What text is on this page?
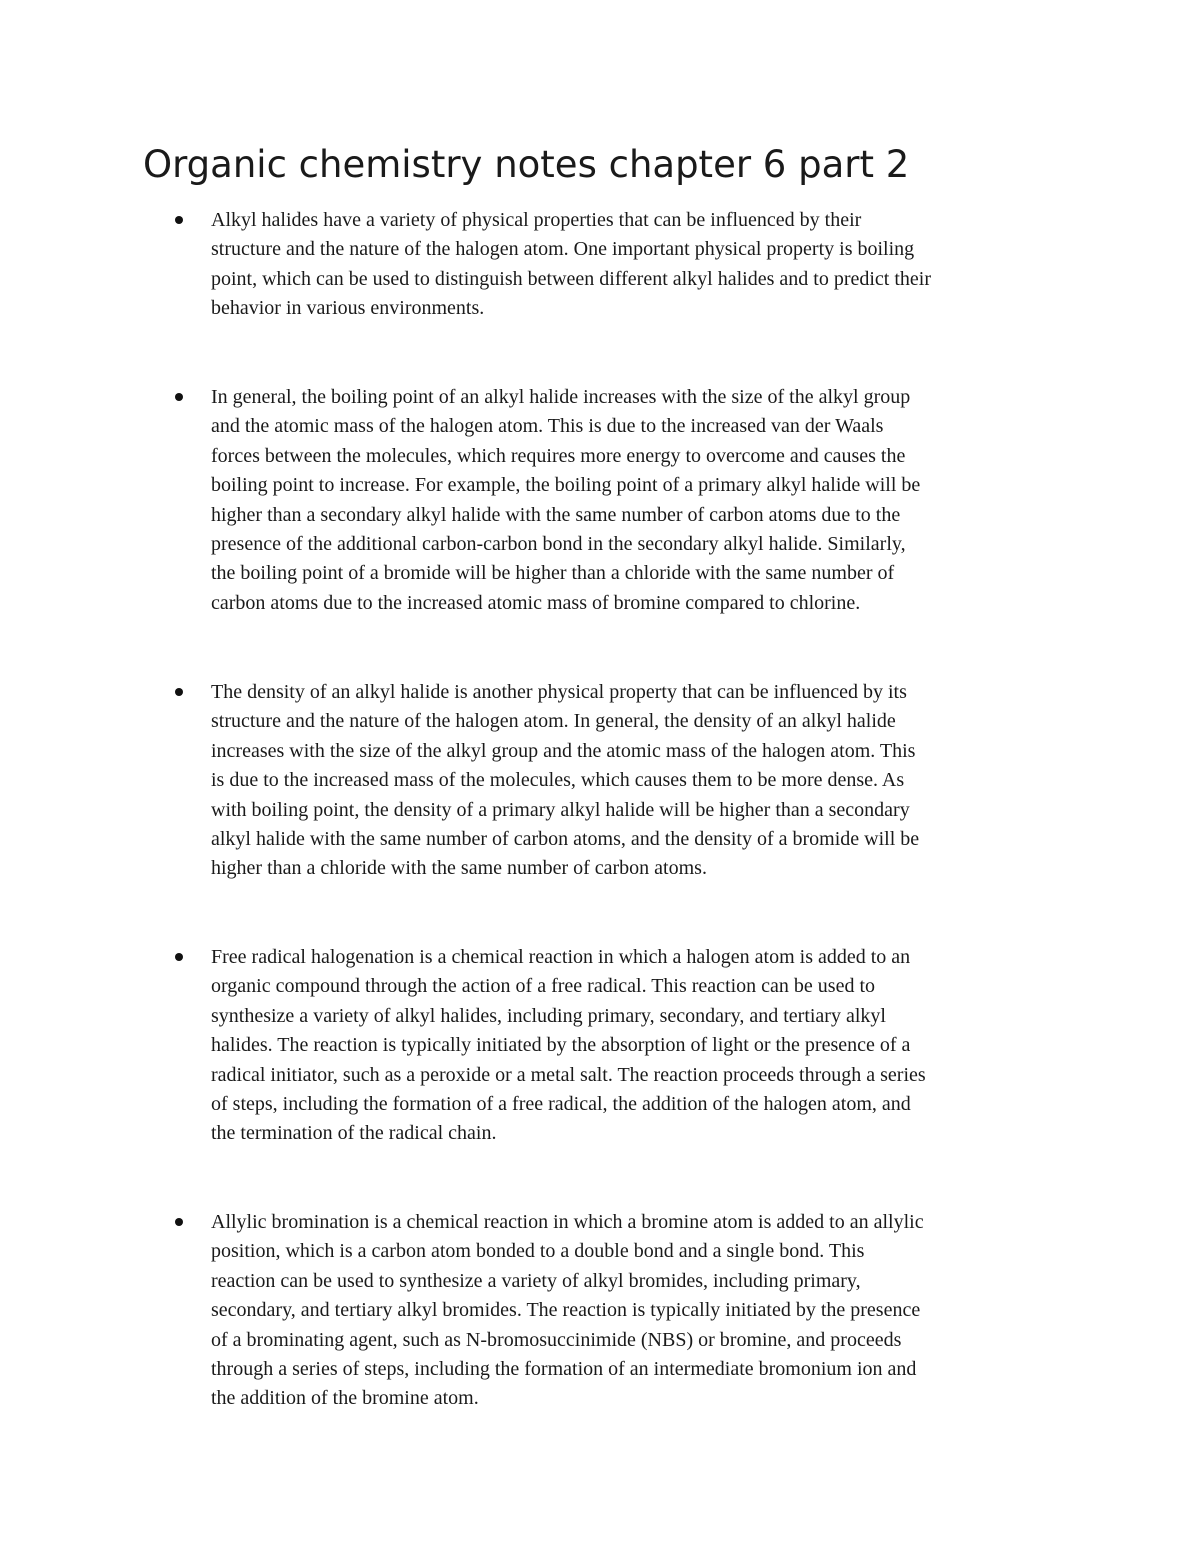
Organic chemistry notes chapter 6 part 2
Alkyl halides have a variety of physical properties that can be influenced by their
structure and the nature of the halogen atom. One important physical property is boiling
point, which can be used to distinguish between different alkyl halides and to predict their
behavior in various environments.
In general, the boiling point of an alkyl halide increases with the size of the alkyl group
and the atomic mass of the halogen atom. This is due to the increased van der Waals
forces between the molecules, which requires more energy to overcome and causes the
boiling point to increase. For example, the boiling point of a primary alkyl halide will be
higher than a secondary alkyl halide with the same number of carbon atoms due to the
presence of the additional carbon-carbon bond in the secondary alkyl halide. Similarly,
the boiling point of a bromide will be higher than a chloride with the same number of
carbon atoms due to the increased atomic mass of bromine compared to chlorine.
The density of an alkyl halide is another physical property that can be influenced by its
structure and the nature of the halogen atom. In general, the density of an alkyl halide
increases with the size of the alkyl group and the atomic mass of the halogen atom. This
is due to the increased mass of the molecules, which causes them to be more dense. As
with boiling point, the density of a primary alkyl halide will be higher than a secondary
alkyl halide with the same number of carbon atoms, and the density of a bromide will be
higher than a chloride with the same number of carbon atoms.
Free radical halogenation is a chemical reaction in which a halogen atom is added to an
organic compound through the action of a free radical. This reaction can be used to
synthesize a variety of alkyl halides, including primary, secondary, and tertiary alkyl
halides. The reaction is typically initiated by the absorption of light or the presence of a
radical initiator, such as a peroxide or a metal salt. The reaction proceeds through a series
of steps, including the formation of a free radical, the addition of the halogen atom, and
the termination of the radical chain.
Allylic bromination is a chemical reaction in which a bromine atom is added to an allylic
position, which is a carbon atom bonded to a double bond and a single bond. This
reaction can be used to synthesize a variety of alkyl bromides, including primary,
secondary, and tertiary alkyl bromides. The reaction is typically initiated by the presence
of a brominating agent, such as N-bromosuccinimide (NBS) or bromine, and proceeds
through a series of steps, including the formation of an intermediate bromonium ion and
the addition of the bromine atom.
